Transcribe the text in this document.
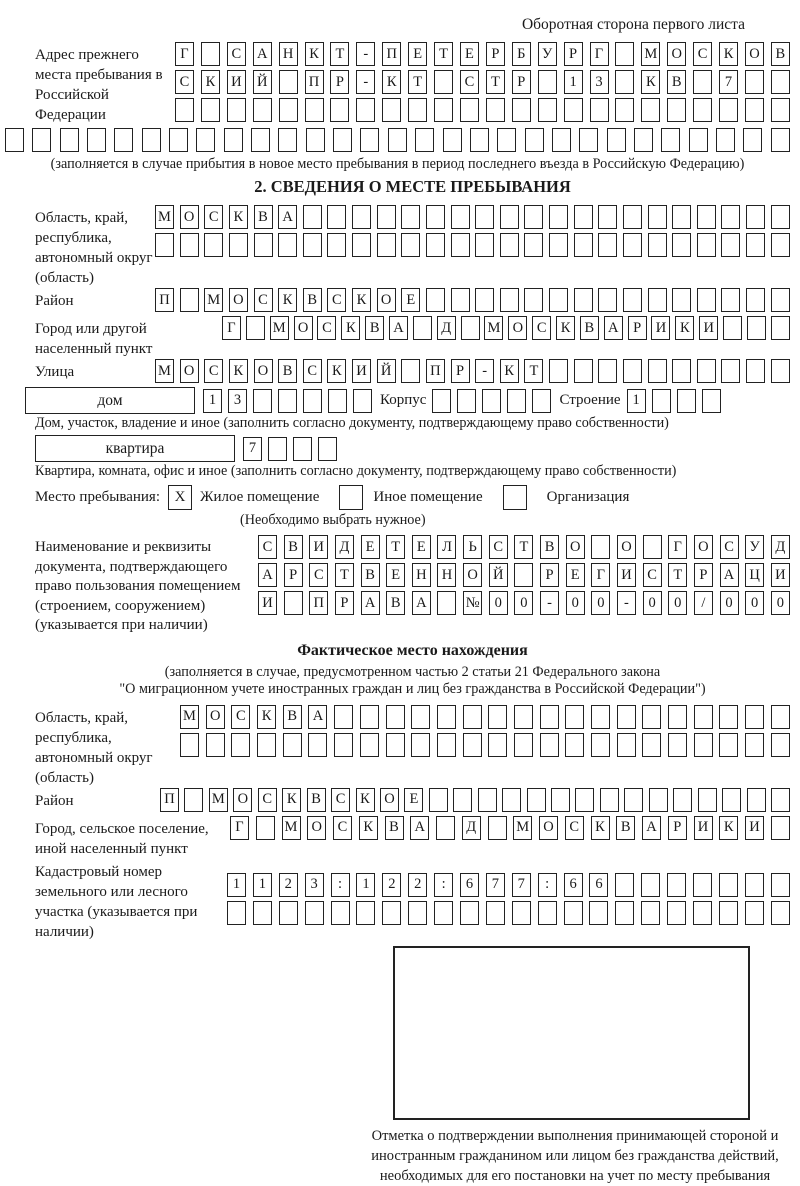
Оборотная сторона первого листа
Адрес прежнего места пребывания в Российской Федерации
Г	С	А Н	К	Т	-	П	Е	Т	Е	Р	Б	У	Р	Г	М О	С	К	О	В
С	К	И Й	П	Р	-	К	Т	С	Т	Р	1	3	К	В	7
(заполняется в случае прибытия в новое место пребывания в период последнего въезда в Российскую Федерацию)
2. СВЕДЕНИЯ О МЕСТЕ ПРЕБЫВАНИЯ
Область, край, республика, автономный округ (область)
М О	С	К	В	А
Район	П	М О	С	К	В	С	К	О	Е
Город или другой населенный пункт
Г	М О С К В А	Д	М О С К В А	Р	И К И
Улица	М О	С	К	О	В	С	К	И Й	П	Р	-	К	Т
дом	1	3	Корпус	Строение 1
Дом, участок, владение и иное (заполнить согласно документу, подтверждающему право собственности)
квартира	7
Квартира, комната, офис и иное (заполнить согласно документу, подтверждающему право собственности)
Место пребывания: X Жилое помещение	Иное помещение	Организация
(Необходимо выбрать нужное)
Наименование и реквизиты документа, подтверждающего право пользования помещением (строением, сооружением) (указывается при наличии)
С	В	И	Д	Е	Т	Е	Л	Ь	С	Т	В	О	О	Г	О	С	У	Д
А	Р	С	Т	В	Е	Н Н О Й	Р	Е	Г	И	С	Т	Р	А Ц И
И	П	Р	А	В	А	№	0	0	-	0	0	-	0	0	/	0	0	0
Фактическое место нахождения
(заполняется в случае, предусмотренном частью 2 статьи 21 Федерального закона
"О миграционном учете иностранных граждан и лиц без гражданства в Российской Федерации")
Область, край, республика, автономный округ (область)
М О	С	К	В	А
Район	П	М О С	К	В	С	К О	Е
Город, сельское поселение, иной населенный пункт
Г	М О	С	К	В	А	Д	М О	С	К	В	А	Р	И	К	И
Кадастровый номер земельного или лесного участка (указывается при наличии)
1	1	2	3	:	1	2	2	:	6	7	7	:	6	6
Отметка о подтверждении выполнения принимающей стороной и иностранным гражданином или лицом без гражданства действий, необходимых для его постановки на учет по месту пребывания
